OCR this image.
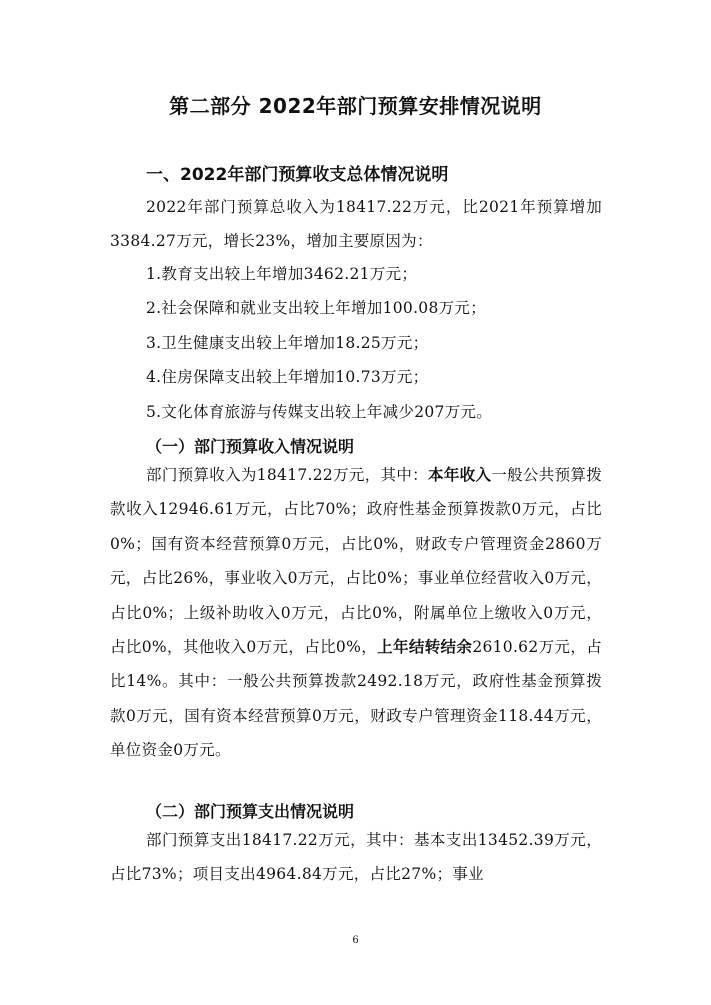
第二部分 2022年部门预算安排情况说明
一、2022年部门预算收支总体情况说明
2022年部门预算总收入为18417.22万元，比2021年预算增加3384.27万元，增长23%，增加主要原因为：
1.教育支出较上年增加3462.21万元；
2.社会保障和就业支出较上年增加100.08万元；
3.卫生健康支出较上年增加18.25万元；
4.住房保障支出较上年增加10.73万元；
5.文化体育旅游与传媒支出较上年减少207万元。
（一）部门预算收入情况说明
部门预算收入为18417.22万元，其中：本年收入一般公共预算拨款收入12946.61万元，占比70%；政府性基金预算拨款0万元，占比0%；国有资本经营预算0万元，占比0%，财政专户管理资金2860万元，占比26%，事业收入0万元，占比0%；事业单位经营收入0万元，占比0%；上级补助收入0万元，占比0%，附属单位上缴收入0万元，占比0%，其他收入0万元，占比0%，上年结转结余2610.62万元，占比14%。其中：一般公共预算拨款2492.18万元，政府性基金预算拨款0万元，国有资本经营预算0万元，财政专户管理资金118.44万元，单位资金0万元。
（二）部门预算支出情况说明
部门预算支出18417.22万元，其中：基本支出13452.39万元，占比73%；项目支出4964.84万元，占比27%；事业
6
